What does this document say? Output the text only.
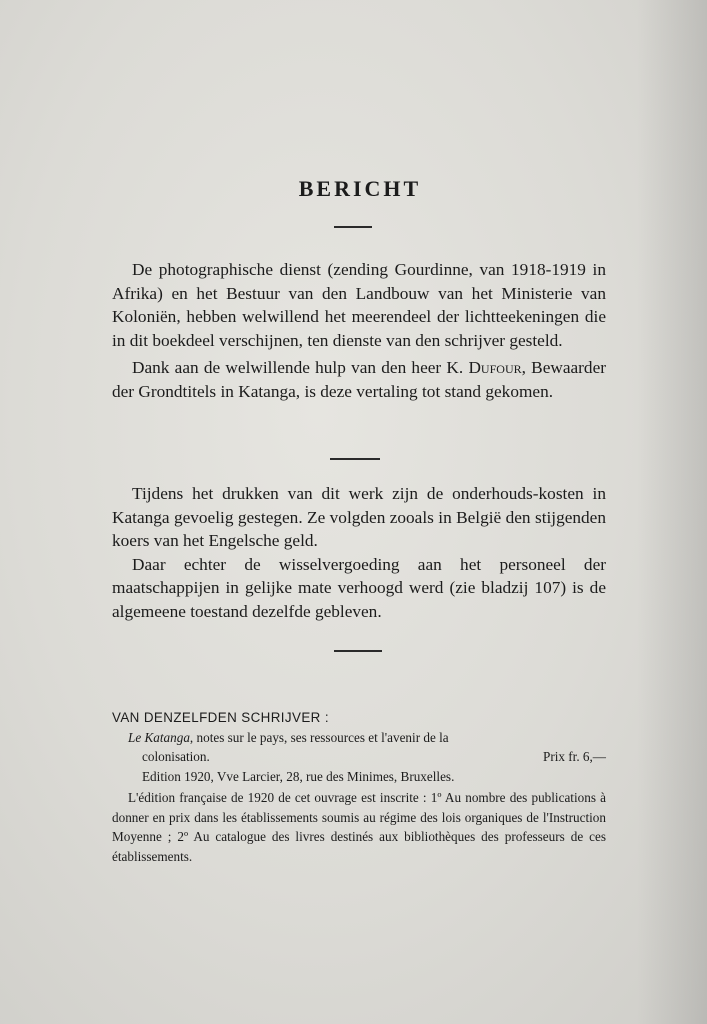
BERICHT

De photographische dienst (zending Gourdinne, van 1918-1919 in Afrika) en het Bestuur van den Landbouw van het Ministerie van Koloniën, hebben welwillend het meerendeel der lichtteekeningen die in dit boekdeel verschijnen, ten dienste van den schrijver gesteld.

Dank aan de welwillende hulp van den heer K. Dufour, Bewaarder der Grondtitels in Katanga, is deze vertaling tot stand gekomen.

Tijdens het drukken van dit werk zijn de onderhouds-kosten in Katanga gevoelig gestegen. Ze volgden zooals in België den stijgenden koers van het Engelsche geld.

Daar echter de wisselvergoeding aan het personeel der maatschappijen in gelijke mate verhoogd werd (zie bladzij 107) is de algemeene toestand dezelfde gebleven.

VAN DENZELFDEN SCHRIJVER :
Le Katanga, notes sur le pays, ses ressources et l'avenir de la
colonisation.	Prix fr. 6,—
Edition 1920, Vve Larcier, 28, rue des Minimes, Bruxelles.
L'édition française de 1920 de cet ouvrage est inscrite : 1º Au nombre des publications à donner en prix dans les établissements soumis au régime des lois organiques de l'Instruction Moyenne ; 2º Au catalogue des livres destinés aux bibliothèques des professeurs de ces établissements.
